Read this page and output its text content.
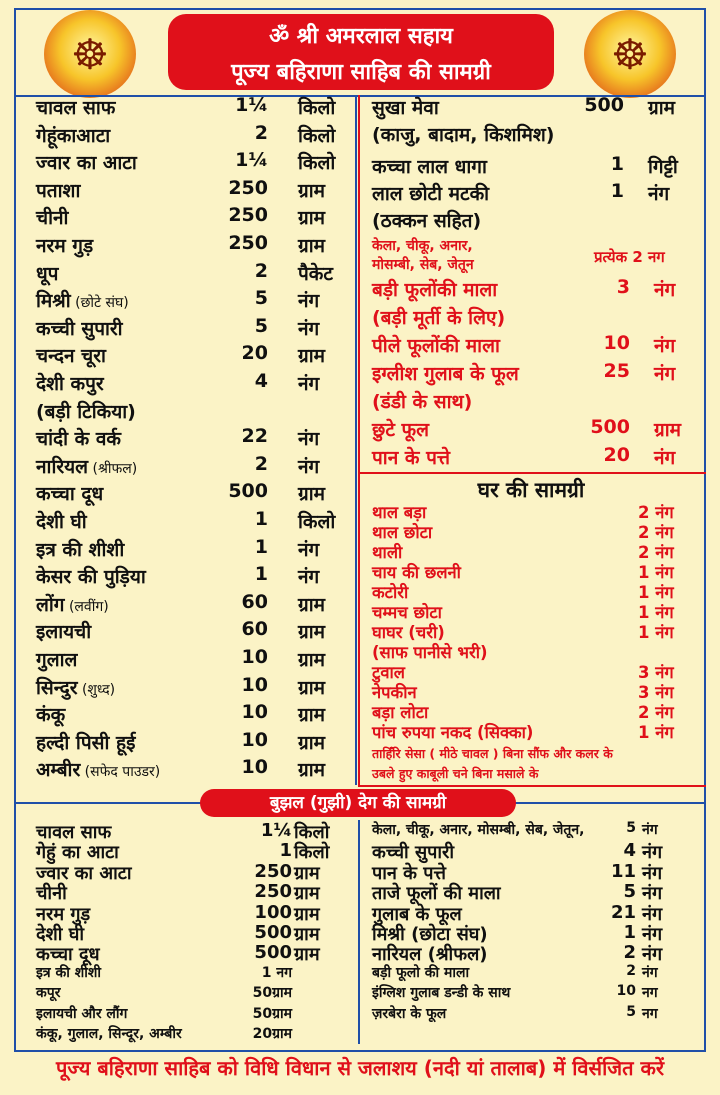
☸	☸
ॐ श्री अमरलाल सहाय
पूज्य बहिराणा साहिब की सामग्री
चावल साफ	1¼ किलो
गेहूंकाआटा	2 किलो
ज्वार का आटा	1¼ किलो
पताशा	250 ग्राम
चीनी	250 ग्राम
नरम गुड़	250 ग्राम
धूप	2 पैकेट
मिश्री (छोटे संघ)	5 नंग
कच्ची सुपारी	5 नंग
चन्दन चूरा	20 ग्राम
देशी कपुर	4 नंग
(बड़ी टिकिया)
चांदी के वर्क	22 नंग
नारियल (श्रीफल)	2 नंग
कच्चा दूध	500 ग्राम
देशी घी	1 किलो
इत्र की शीशी	1 नंग
केसर की पुड़िया	1 नंग
लोंग (लवींग)	60 ग्राम
इलायची	60 ग्राम
गुलाल	10 ग्राम
सिन्दुर (शुध्द)	10 ग्राम
कंकू	10 ग्राम
हल्दी पिसी हूई	10 ग्राम
अम्बीर (सफेद पाउडर)	10 ग्राम
सुखा मेवा	500 ग्राम
(काजु, बादाम, किशमिश)
कच्चा लाल धागा	1 गिट्टी
लाल छोटी मटकी	1 नंग
(ठक्कन सहित)
केला, चीकू, अनार,
मोसम्बी, सेब, जेतून	प्रत्येक 2 नग
बड़ी फूलोंकी माला	3 नंग
(बड़ी मूर्ती के लिए)
पीले फूलोंकी माला	10 नंग
इग्लीश गुलाब के फूल	25 नंग
(डंडी के साथ)
छुटे फूल	500 ग्राम
पान के पत्ते	20 नंग
घर की सामग्री
थाल बड़ा	2 नंग
थाल छोटा	2 नंग
थाली	2 नंग
चाय की छलनी	1 नंग
कटोरी	1 नंग
चम्मच छोटा	1 नंग
घाघर (चरी)	1 नंग
(साफ पानीसे भरी)
टुवाल	3 नंग
नेपकीन	3 नंग
बड़ा लोटा	2 नंग
पांच रुपया नकद (सिक्का)	1 नंग
ताहिँरि सेसा ( मीठे चावल ) बिना सौंफ और कलर के
उबले हुए काबूली चने बिना मसाले के
बुझल (गुझी) देग की सामग्री
चावल साफ	1¼ किलो
गेहुं का आटा	1 किलो
ज्वार का आटा	250 ग्राम
चीनी	250 ग्राम
नरम गुड़	100 ग्राम
देशी घी	500 ग्राम
कच्चा दूध	500 ग्राम
इत्र की शीशी	1 नग
कपूर	50ग्राम
इलायची और लौंग	50ग्राम
कंकू, गुलाल, सिन्दूर, अम्बीर	20ग्राम
केला, चीकू, अनार, मोसम्बी, सेब, जेतून,	5 नंग
कच्ची सुपारी	4 नंग
पान के पत्ते	11 नंग
ताजे फूलों की माला	5 नंग
गुलाब के फूल	21 नंग
मिश्री (छोटा संघ)	1 नंग
नारियल (श्रीफल)	2 नंग
बड़ी फूलो की माला	2 नंग
इंग्लिश गुलाब डन्डी के साथ	10 नग
ज़रबेरा के फूल	5 नग
पूज्य बहिराणा साहिब को विधि विधान से जलाशय (नदी यां तालाब) में विर्सजित करें
